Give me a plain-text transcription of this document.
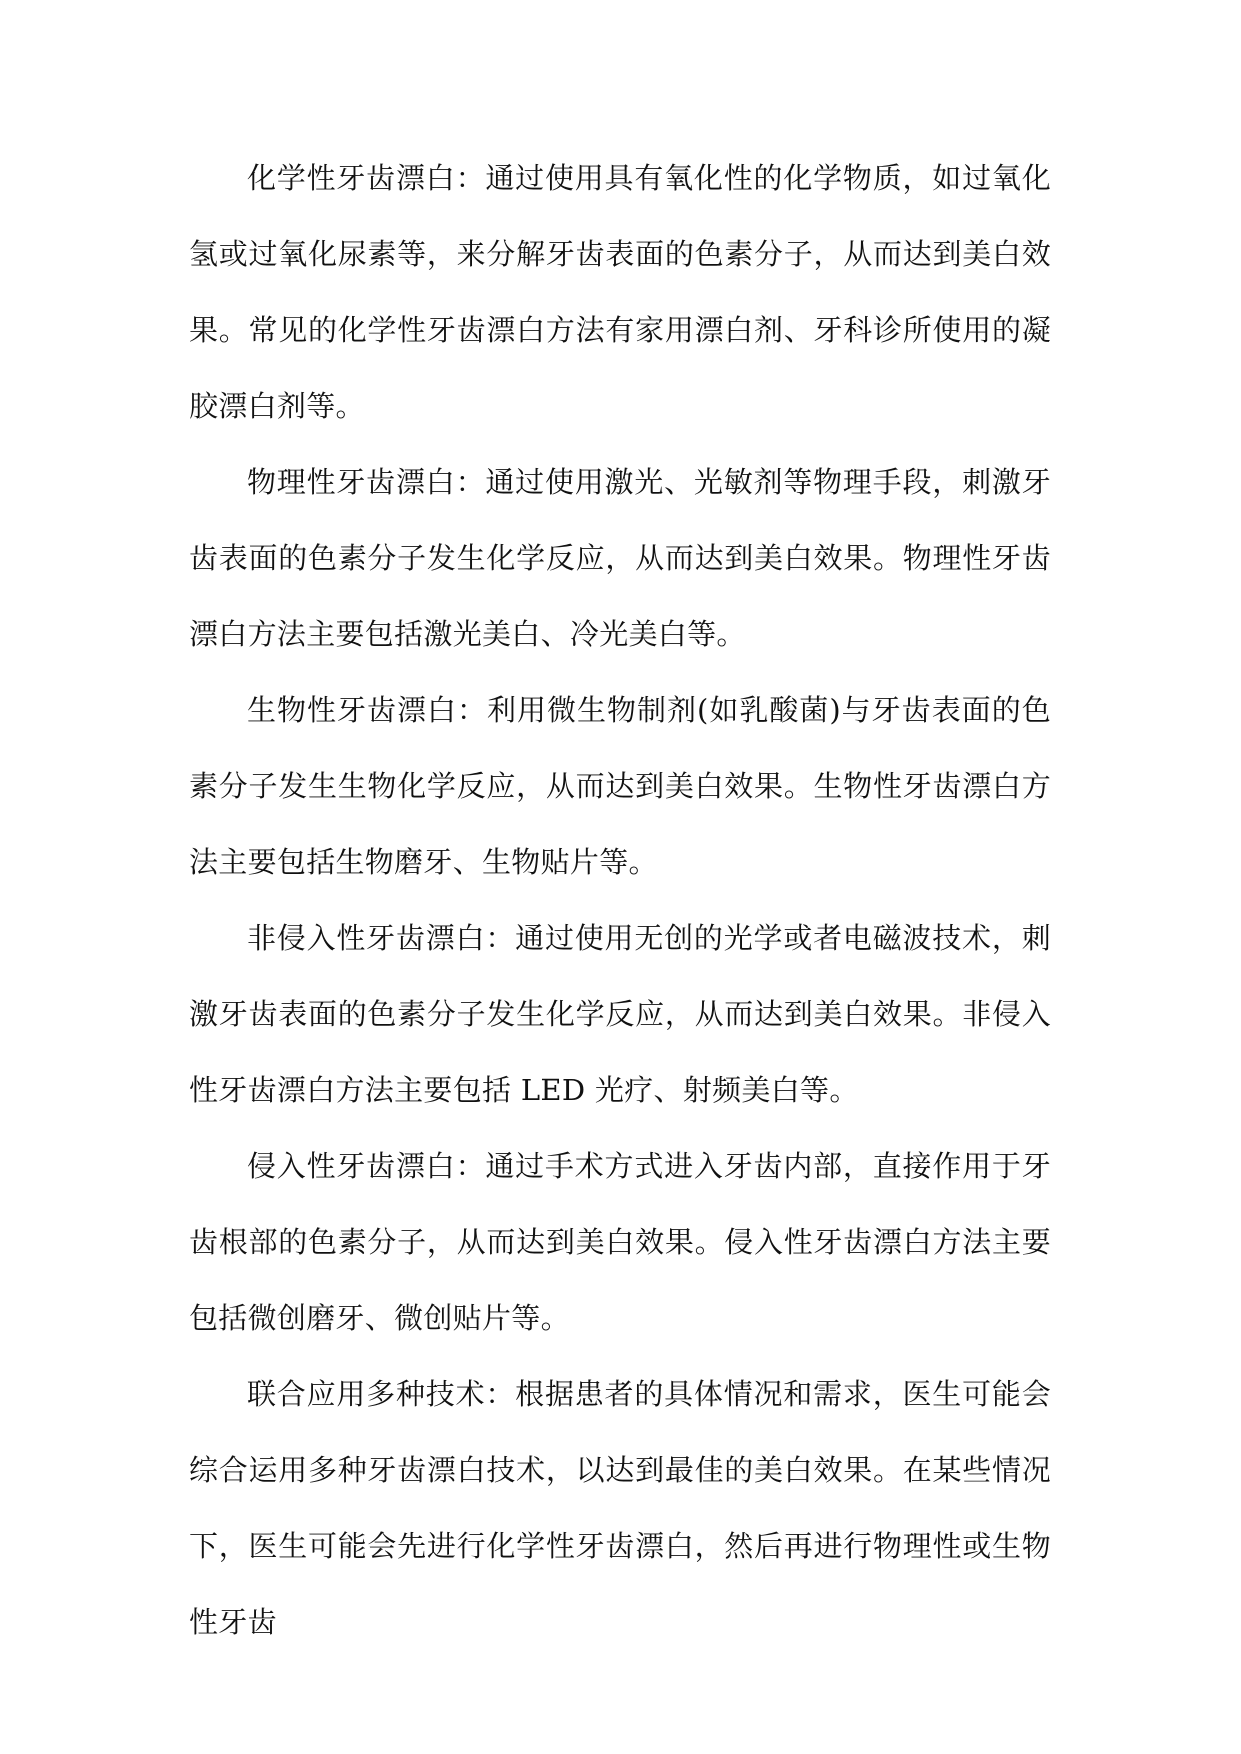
化学性牙齿漂白：通过使用具有氧化性的化学物质，如过氧化氢或过氧化尿素等，来分解牙齿表面的色素分子，从而达到美白效果。常见的化学性牙齿漂白方法有家用漂白剂、牙科诊所使用的凝胶漂白剂等。

物理性牙齿漂白：通过使用激光、光敏剂等物理手段，刺激牙齿表面的色素分子发生化学反应，从而达到美白效果。物理性牙齿漂白方法主要包括激光美白、冷光美白等。

生物性牙齿漂白：利用微生物制剂(如乳酸菌)与牙齿表面的色素分子发生生物化学反应，从而达到美白效果。生物性牙齿漂白方法主要包括生物磨牙、生物贴片等。

非侵入性牙齿漂白：通过使用无创的光学或者电磁波技术，刺激牙齿表面的色素分子发生化学反应，从而达到美白效果。非侵入性牙齿漂白方法主要包括 LED 光疗、射频美白等。

侵入性牙齿漂白：通过手术方式进入牙齿内部，直接作用于牙齿根部的色素分子，从而达到美白效果。侵入性牙齿漂白方法主要包括微创磨牙、微创贴片等。

联合应用多种技术：根据患者的具体情况和需求，医生可能会综合运用多种牙齿漂白技术，以达到最佳的美白效果。在某些情况下，医生可能会先进行化学性牙齿漂白，然后再进行物理性或生物性牙齿
